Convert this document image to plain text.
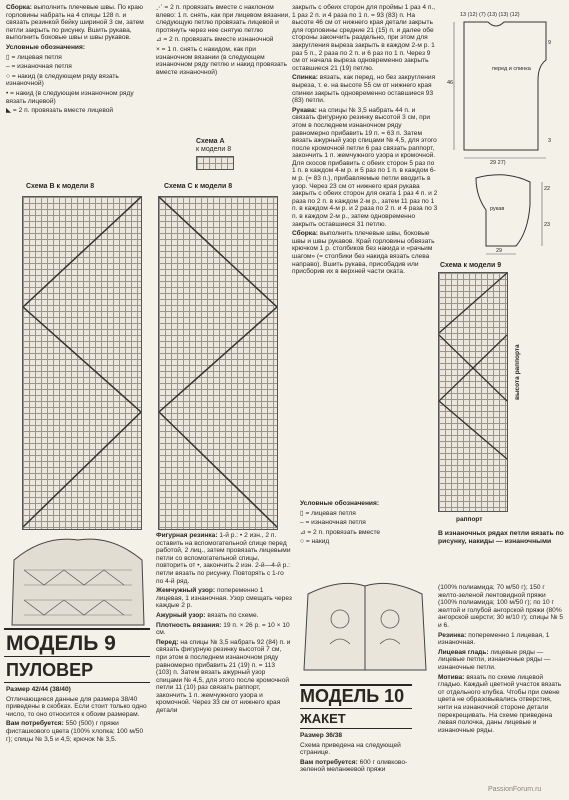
Сборка: выполнить плечевые швы. По краю горловины набрать на 4 спицы 128 п. и связать резинкой бейку шириной 3 см, затем петли закрыть по рисунку. Вшить рукава, выполнить боковые швы и швы рукавов.

Условные обозначения:

▯ = лицевая петля

– = изнаночная петля

○ = накид (в следующем ряду вязать изнаночной)

• = накид (в следующем изнаночном ряду вязать лицевой)

◣ = 2 п. провязать вместе лицевой

⋰ = 2 п. провязать вместе с наклоном влево: 1 п. снять, как при лицевом вязании, следующую петлю провязать лицевой и протянуть через нее снятую петлю

⊿ = 2 п. провязать вместе изнаночной

× = 1 п. снять с накидом, как при изнаночном вязании (в следующем изнаночном ряду петлю и накид провязать вместе изнаночной)

Схема А
к модели 8
Схема В к модели 8	Схема С к модели 8

закрыть с обеих сторон для проймы 1 раз 4 п., 1 раз 2 п. и 4 раза по 1 п. = 93 (83) п. На высоте 46 см от нижнего края детали закрыть для горловины средние 21 (15) п. и далее обе стороны закончить раздельно, при этом для закругления выреза закрыть в каждом 2-м р. 1 раз 5 п., 2 раза по 2 п. и 6 раз по 1 п. Через 9 см от начала выреза одновременно закрыть оставшиеся 21 (19) петлю.

Спинка: вязать, как перед, но без закругления выреза, т. е. на высоте 55 см от нижнего края спинки закрыть одновременно оставшиеся 93 (83) петли.

Рукава: на спицы № 3,5 набрать 44 п. и связать фигурную резинку высотой 3 см, при этом в последнем изнаночном ряду равномерно прибавить 19 п. = 63 п. Затем вязать ажурный узор спицами № 4,5, для этого после кромочной петли 6 раз связать раппорт, закончить 1 п. жемчужного узора и кромочной. Для скосов прибавить с обеих сторон 5 раз по 1 п. в каждом 4-м р. и 5 раз по 1 п. в каждом 6-м р. (= 83 п.), прибавляемые петли вводить в узор. Через 23 см от нижнего края рукава закрыть с обеих сторон для оката 1 раз 4 п. и 2 раза по 2 п. в каждом 2-м р., затем 11 раз по 1 п. в каждом 4-м р. и 2 раза по 2 п. и 4 раза по 3 п. в каждом 2-м р., затем одновременно закрыть оставшиеся 31 петлю.

Сборка: выполнить плечевые швы, боковые швы и швы рукавов. Край горловины обвязать крючком 1 р. столбиков без накида и «рачьим шагом» (= столбики без накида вязать слева направо). Вшить рукава, присобадив или присборив их в верхней части оката.

13 (12) (7) (13) (13) (12)
перед и спинка
46
9
3
29 27)
рукав
22
23
29
Схема к модели 9
высота раппорта
раппорт

Условные обозначения:

▯ = лицевая петля

– = изнаночная петля

⊿ = 2 п. провязать вместе

○ = накид

В изнаночных рядах петли вязать по рисунку, накиды — изнаночными
МОДЕЛЬ 9
ПУЛОВЕР

Размер 42/44 (38/40)

Отличающиеся данные для размера 38/40 приведены в скобках. Если стоит только одно число, то оно относится к обоим размерам.

Вам потребуется: 550 (500) г пряжи фисташкового цвета (100% хлопка; 100 м/50 г); спицы № 3,5 и 4,5; крючок № 3,5.

Фигурная резинка: 1-й р.: • 2 изн., 2 п. оставить на вспомогательной спице перед работой, 2 лиц., затем провязать лицевыми петли со вспомогательной спицы, повторить от •, закончить 2 изн. 2-й—4-й р.: петли вязать по рисунку. Повторять с 1-го по 4-й ряд.

Жемчужный узор: попеременно 1 лицевая, 1 изнаночная. Узор смещать через каждые 2 р.

Ажурный узор: вязать по схеме.

Плотность вязания: 19 п. × 26 р. = 10 × 10 см.

Перед: на спицы № 3,5 набрать 92 (84) п. и связать фигурную резинку высотой 7 см, при этом в последнем изнаночном ряду равномерно прибавить 21 (19) п. = 113 (103) п. Затем вязать ажурный узор спицами № 4,5, для этого после кромочной петли 11 (10) раз связать раппорт, закончить 1 п. жемчужного узора и кромочной. Через 33 см от нижнего края детали

МОДЕЛЬ 10
ЖАКЕТ

Размер 36/38

Схема приведена на следующей странице.

Вам потребуется: 600 г оливково-зеленой меланжевой пряжи

(100% полиамида; 70 м/50 г); 150 г желто-зеленой лентовидной пряжи (100% полиамида; 100 м/50 г); по 10 г желтой и голубой ангорской пряжи (80% ангорской шерсти; 30 м/10 г); спицы № 5 и 6.

Резинка: попеременно 1 лицевая, 1 изнаночная.

Лицевая гладь: лицевые ряды — лицевые петли, изнаночные ряды — изнаночные петли.

Мотива: вязать по схеме лицевой гладью. Каждый цветной участок вязать от отдельного клубка. Чтобы при смене цвета не образовывались отверстия, нити на изнаночной стороне детали перекрещивать. На схеме приведена левая полочка, даны лицевые и изнаночные ряды.

PassionForum.ru
